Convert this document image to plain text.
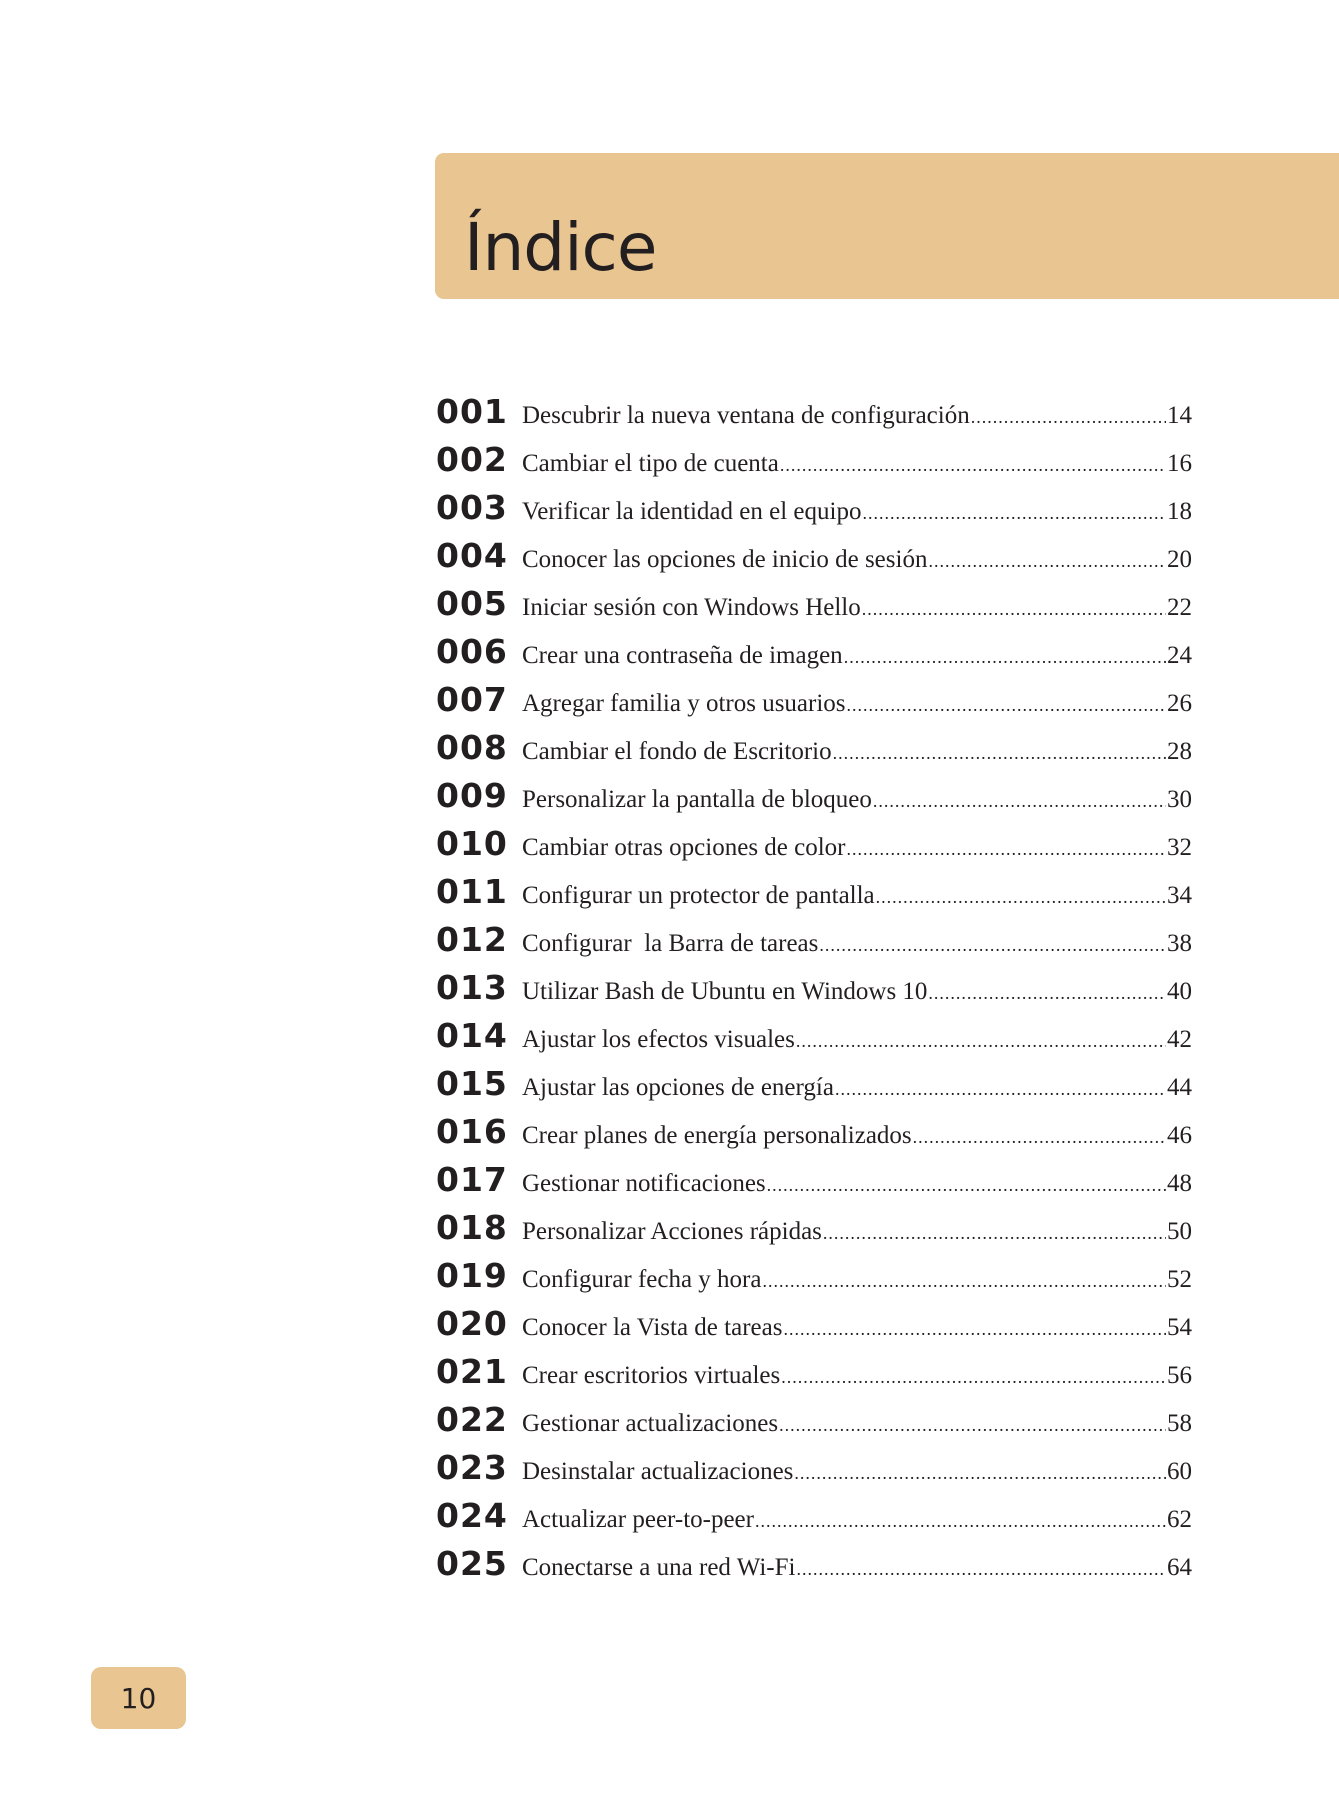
Índice
001 Descubrir la nueva ventana de configuración .....	14
002 Cambiar el tipo de cuenta .....	16
003 Verificar la identidad en el equipo .....	18
004 Conocer las opciones de inicio de sesión .....	20
005 Iniciar sesión con Windows Hello .....	22
006 Crear una contraseña de imagen .....	24
007 Agregar familia y otros usuarios .....	26
008 Cambiar el fondo de Escritorio .....	28
009 Personalizar la pantalla de bloqueo .....	30
010 Cambiar otras opciones de color .....	32
011 Configurar un protector de pantalla .....	34
012 Configurar  la Barra de tareas .....	38
013 Utilizar Bash de Ubuntu en Windows 10 .....	40
014 Ajustar los efectos visuales .....	42
015 Ajustar las opciones de energía .....	44
016 Crear planes de energía personalizados .....	46
017 Gestionar notificaciones .....	48
018 Personalizar Acciones rápidas .....	50
019 Configurar fecha y hora .....	52
020 Conocer la Vista de tareas .....	54
021 Crear escritorios virtuales .....	56
022 Gestionar actualizaciones .....	58
023 Desinstalar actualizaciones .....	60
024 Actualizar peer-to-peer .....	62
025 Conectarse a una red Wi-Fi .....	64
10
